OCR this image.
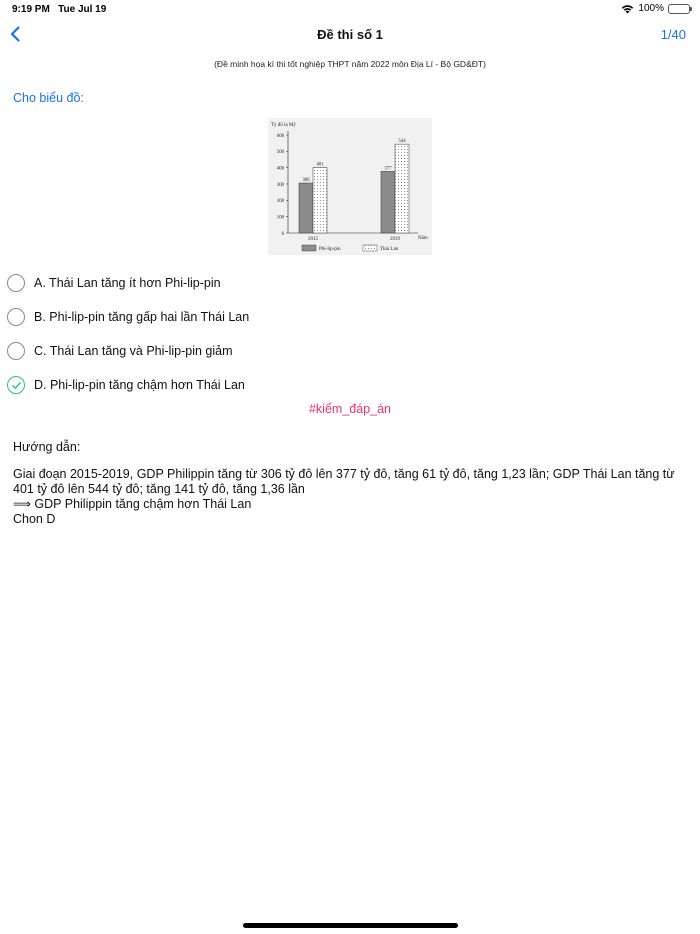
9:19 PM Tue Jul 19	100%
Đề thi số 1	1/40
(Đề minh họa kì thi tốt nghiệp THPT năm 2022 môn Địa Lí - Bộ GD&ĐT)
Cho biểu đồ:
Tỷ đô la Mỹ
Năm
0
100
200
300
400
500
600
306
401
2015
377
544
2019
Phi-lip-pin	Thái Lan
A. Thái Lan tăng ít hơn Phi-lip-pin
B. Phi-lip-pin tăng gấp hai lần Thái Lan
C. Thái Lan tăng và Phi-lip-pin giảm
D. Phi-lip-pin tăng chậm hơn Thái Lan
#kiểm_đáp_án
Hướng dẫn:
Giai đoạn 2015-2019, GDP Philippin tăng từ 306 tỷ đô lên 377 tỷ đô, tăng 61 tỷ đô, tăng 1,23 lần; GDP Thái Lan tăng từ 401 tỷ đô lên 544 tỷ đô; tăng 141 tỷ đô, tăng 1,36 lần
⟹ GDP Philippin tăng chậm hơn Thái Lan
Chon D
